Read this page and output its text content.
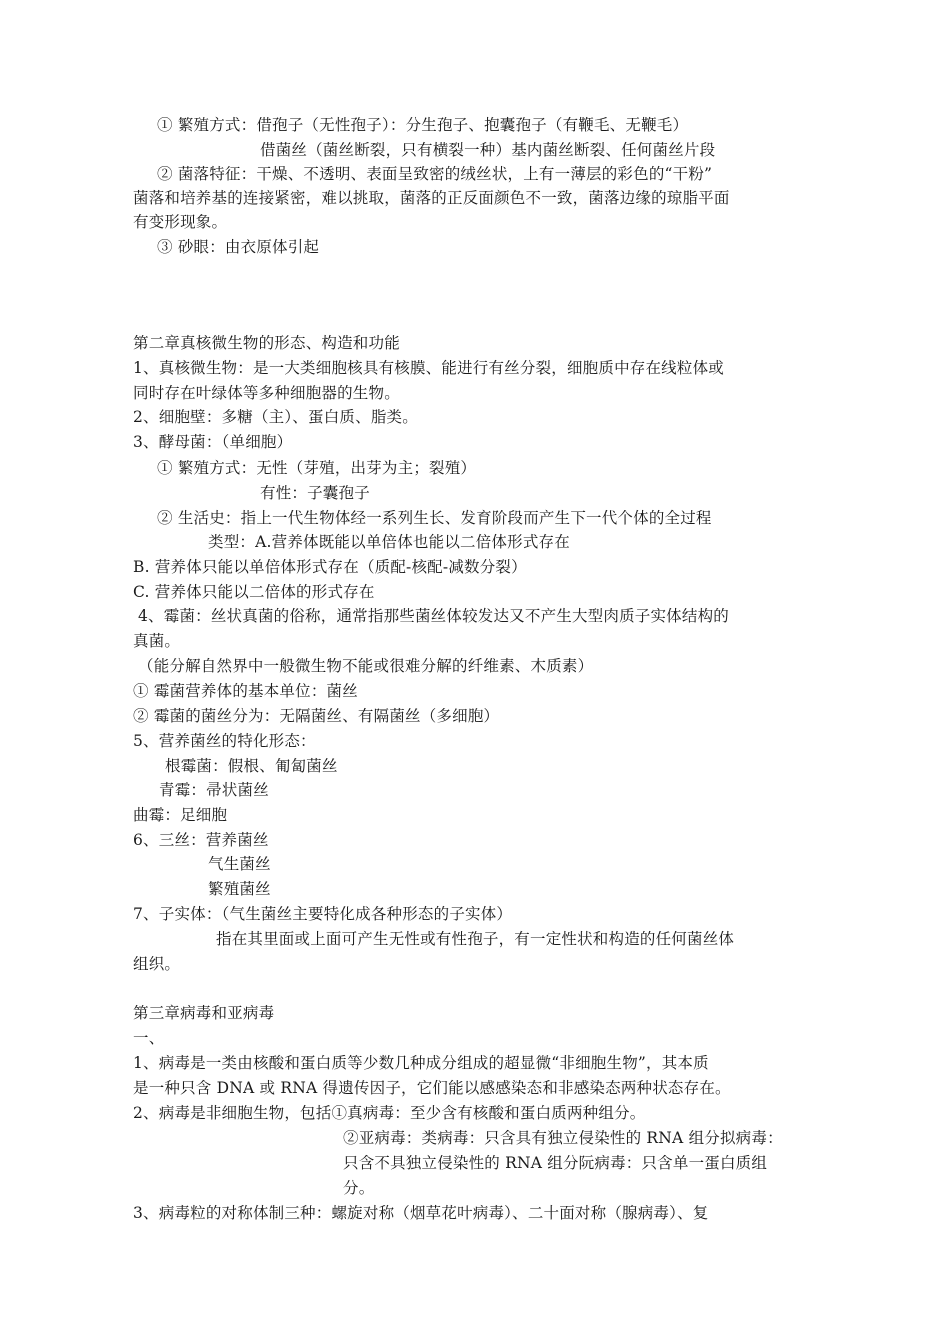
① 繁殖方式：借孢子（无性孢子）：分生孢子、抱囊孢子（有鞭毛、无鞭毛）
借菌丝（菌丝断裂，只有横裂一种）基内菌丝断裂、任何菌丝片段
② 菌落特征：干燥、不透明、表面呈致密的绒丝状，上有一薄层的彩色的“干粉”
菌落和培养基的连接紧密，难以挑取，菌落的正反面颜色不一致，菌落边缘的琼脂平面
有变形现象。
③ 砂眼：由衣原体引起
第二章真核微生物的形态、构造和功能
1、真核微生物：是一大类细胞核具有核膜、能进行有丝分裂，细胞质中存在线粒体或
同时存在叶绿体等多种细胞器的生物。
2、细胞壁：多糖（主）、蛋白质、脂类。
3、酵母菌：（单细胞）
① 繁殖方式：无性（芽殖，出芽为主；裂殖）
有性：子囊孢子
② 生活史：指上一代生物体经一系列生长、发育阶段而产生下一代个体的全过程
类型：A.营养体既能以单倍体也能以二倍体形式存在
B. 营养体只能以单倍体形式存在（质配-核配-减数分裂）
C. 营养体只能以二倍体的形式存在
4、霉菌：丝状真菌的俗称，通常指那些菌丝体较发达又不产生大型肉质子实体结构的
真菌。
（能分解自然界中一般微生物不能或很难分解的纤维素、木质素）
① 霉菌营养体的基本单位：菌丝
② 霉菌的菌丝分为：无隔菌丝、有隔菌丝（多细胞）
5、营养菌丝的特化形态：
根霉菌：假根、匍匐菌丝
青霉：帚状菌丝
曲霉：足细胞
6、三丝：营养菌丝
气生菌丝
繁殖菌丝
7、子实体：（气生菌丝主要特化成各种形态的子实体）
指在其里面或上面可产生无性或有性孢子，有一定性状和构造的任何菌丝体
组织。
第三章病毒和亚病毒
一、
1、病毒是一类由核酸和蛋白质等少数几种成分组成的超显微“非细胞生物”，其本质
是一种只含 DNA 或 RNA 得遗传因子，它们能以感感染态和非感染态两种状态存在。
2、病毒是非细胞生物，包括①真病毒：至少含有核酸和蛋白质两种组分。
②亚病毒：类病毒：只含具有独立侵染性的 RNA 组分拟病毒：
只含不具独立侵染性的 RNA 组分阮病毒：只含单一蛋白质组
分。
3、病毒粒的对称体制三种：螺旋对称（烟草花叶病毒）、二十面对称（腺病毒）、复
